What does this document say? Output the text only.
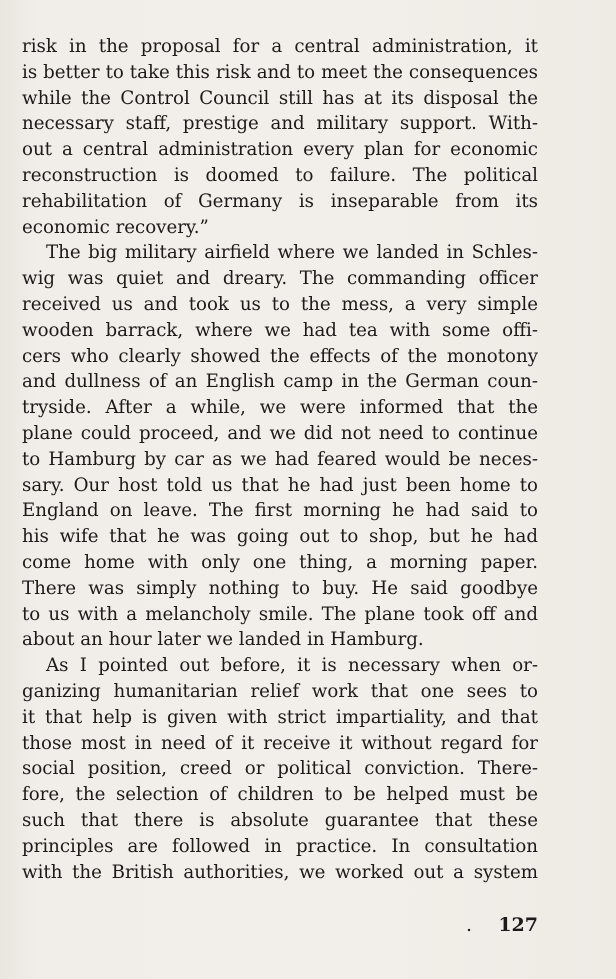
risk in the proposal for a central administration, it
is better to take this risk and to meet the consequences
while the Control Council still has at its disposal the
necessary staff, prestige and military support. With-
out a central administration every plan for economic
reconstruction is doomed to failure. The political
rehabilitation of Germany is inseparable from its
economic recovery.”
The big military airfield where we landed in Schles-
wig was quiet and dreary. The commanding officer
received us and took us to the mess, a very simple
wooden barrack, where we had tea with some offi-
cers who clearly showed the effects of the monotony
and dullness of an English camp in the German coun-
tryside. After a while, we were informed that the
plane could proceed, and we did not need to continue
to Hamburg by car as we had feared would be neces-
sary. Our host told us that he had just been home to
England on leave. The first morning he had said to
his wife that he was going out to shop, but he had
come home with only one thing, a morning paper.
There was simply nothing to buy. He said goodbye
to us with a melancholy smile. The plane took off and
about an hour later we landed in Hamburg.
As I pointed out before, it is necessary when or-
ganizing humanitarian relief work that one sees to
it that help is given with strict impartiality, and that
those most in need of it receive it without regard for
social position, creed or political conviction. There-
fore, the selection of children to be helped must be
such that there is absolute guarantee that these
principles are followed in practice. In consultation
with the British authorities, we worked out a system
. 127
